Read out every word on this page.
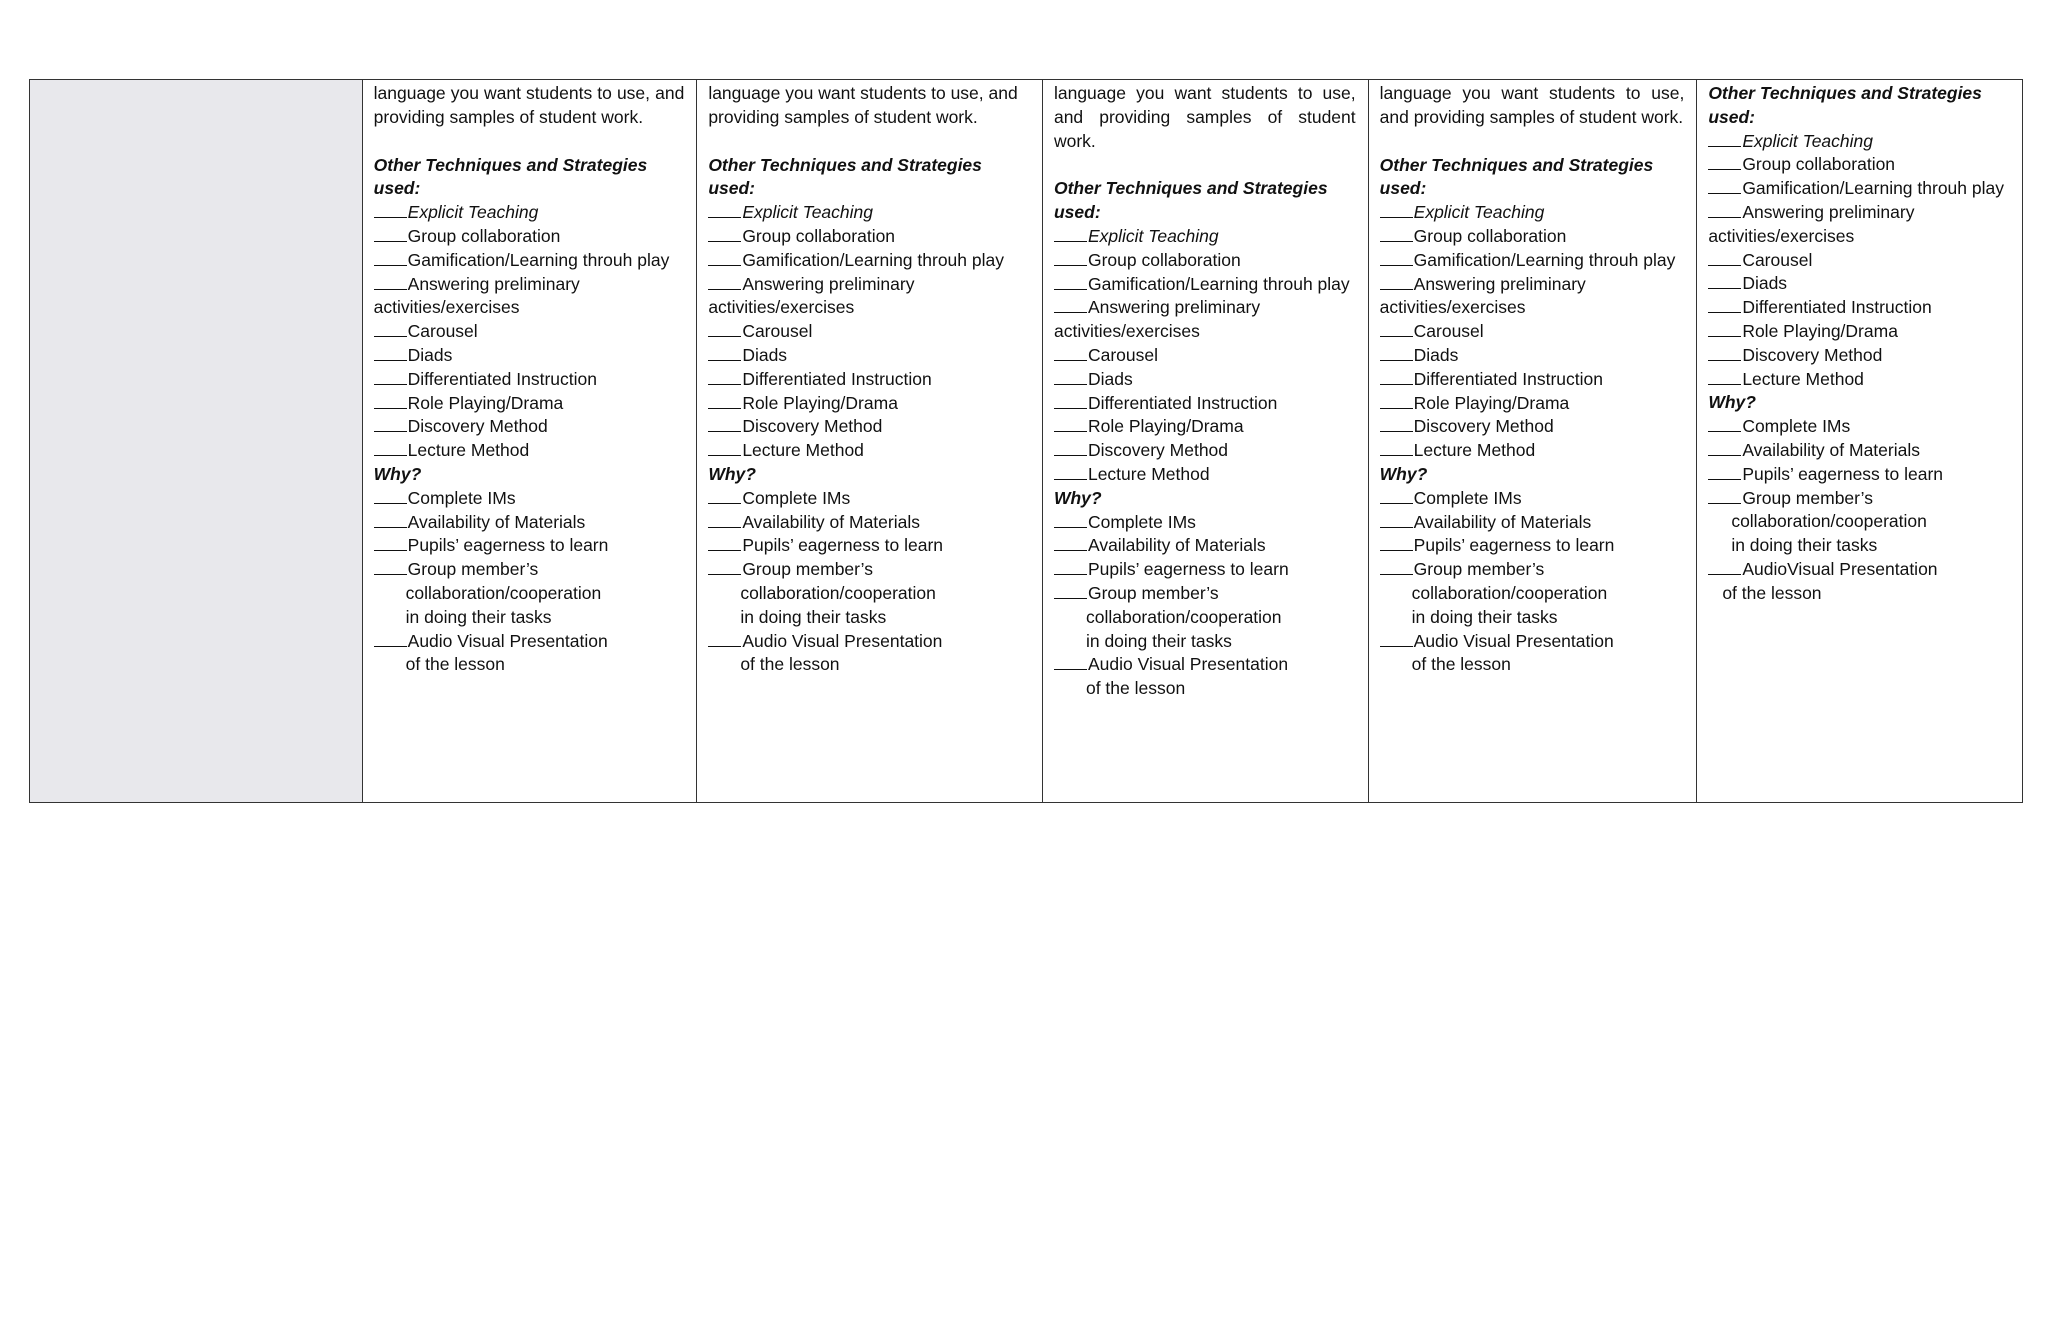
language you want students to use, and providing samples of student work.

Other Techniques and Strategies used:

Explicit Teaching
Group collaboration
Gamification/Learning throuh play
Answering preliminary
activities/exercises
Carousel
Diads
Differentiated Instruction
Role Playing/Drama
Discovery Method
Lecture Method
Why?
Complete IMs
Availability of Materials
Pupils’ eagerness to learn
Group member’s
collaboration/cooperation
in doing their tasks
Audio Visual Presentation
of the lesson

language you want students to use, and providing samples of student work.

Other Techniques and Strategies used:

Explicit Teaching
Group collaboration
Gamification/Learning throuh play
Answering preliminary
activities/exercises
Carousel
Diads
Differentiated Instruction
Role Playing/Drama
Discovery Method
Lecture Method
Why?
Complete IMs
Availability of Materials
Pupils’ eagerness to learn
Group member’s
collaboration/cooperation
in doing their tasks
Audio Visual Presentation
of the lesson

language you want students to use, and providing samples of student work.

Other Techniques and Strategies used:

Explicit Teaching
Group collaboration
Gamification/Learning throuh play
Answering preliminary
activities/exercises
Carousel
Diads
Differentiated Instruction
Role Playing/Drama
Discovery Method
Lecture Method
Why?
Complete IMs
Availability of Materials
Pupils’ eagerness to learn
Group member’s
collaboration/cooperation
in doing their tasks
Audio Visual Presentation
of the lesson

language you want students to use, and providing samples of student work.

Other Techniques and Strategies used:

Explicit Teaching
Group collaboration
Gamification/Learning throuh play
Answering preliminary
activities/exercises
Carousel
Diads
Differentiated Instruction
Role Playing/Drama
Discovery Method
Lecture Method
Why?
Complete IMs
Availability of Materials
Pupils’ eagerness to learn
Group member’s
collaboration/cooperation
in doing their tasks
Audio Visual Presentation
of the lesson

Other Techniques and Strategies used:

Explicit Teaching
Group collaboration
Gamification/Learning throuh play
Answering preliminary
activities/exercises
Carousel
Diads
Differentiated Instruction
Role Playing/Drama
Discovery Method
Lecture Method
Why?
Complete IMs
Availability of Materials
Pupils’ eagerness to learn
Group member’s
collaboration/cooperation
in doing their tasks
AudioVisual Presentation
of the lesson
